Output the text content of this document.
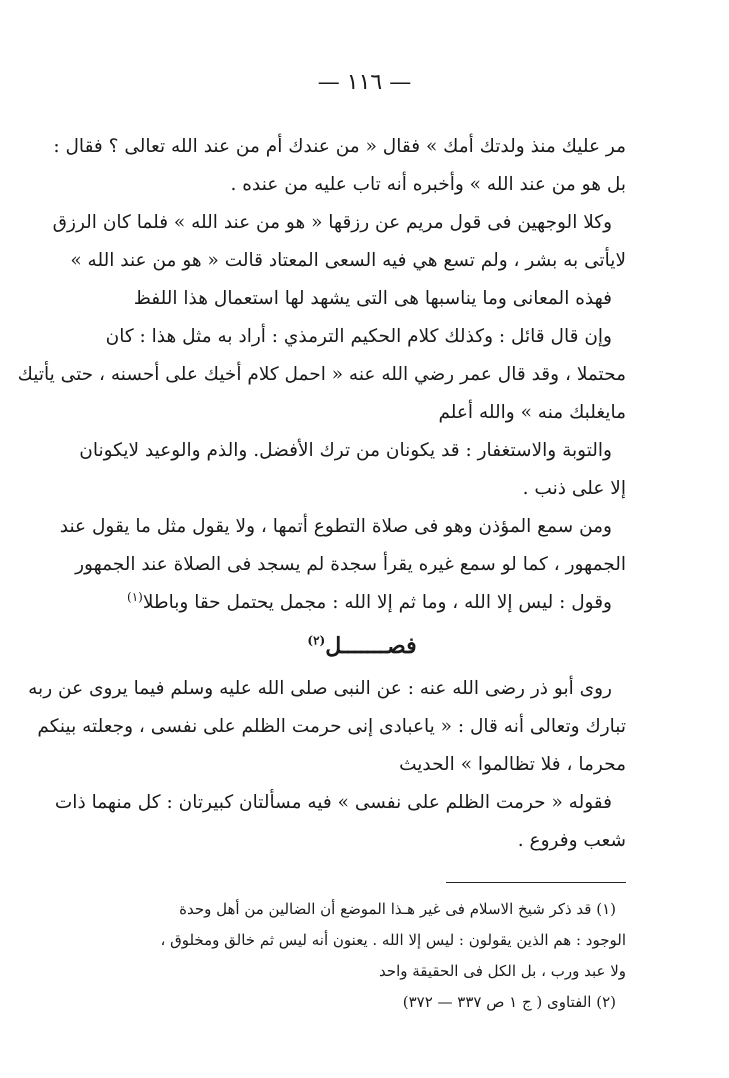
— ١١٦ —
مر عليك منذ ولدتك أمك » فقال « من عندك أم من عند الله تعالى ؟ فقال :
بل هو من عند الله » وأخبره أنه تاب عليه من عنده .
وكلا الوجهين فى قول مريم عن رزقها « هو من عند الله » فلما كان الرزق
لايأتى به بشر ، ولم تسع هي فيه السعى المعتاد قالت « هو من عند الله »
فهذه المعانى وما يناسبها هى التى يشهد لها استعمال هذا اللفظ
وإن قال قائل : وكذلك كلام الحكيم الترمذي : أراد به مثل هذا : كان
محتملا ، وقد قال عمر رضي الله عنه « احمل كلام أخيك على أحسنه ، حتى يأتيك
مايغلبك منه » والله أعلم
والتوبة والاستغفار : قد يكونان من ترك الأفضل. والذم والوعيد لايكونان
إلا على ذنب .
ومن سمع المؤذن وهو فى صلاة التطوع أتمها ، ولا يقول مثل ما يقول عند
الجمهور ، كما لو سمع غيره يقرأ سجدة لم يسجد فى الصلاة عند الجمهور
وقول : ليس إلا الله ، وما ثم إلا الله : مجمل يحتمل حقا وباطلا$^{(١)}$
فصـــــــل$^{(٢)}$
روى أبو ذر رضى الله عنه : عن النبى صلى الله عليه وسلم فيما يروى عن ربه
تبارك وتعالى أنه قال : « ياعبادى إنى حرمت الظلم على نفسى ، وجعلته بينكم
محرما ، فلا تظالموا » الحديث
فقوله « حرمت الظلم على نفسى » فيه مسألتان كبيرتان : كل منهما ذات
شعب وفروع .
(١) قد ذكر شيخ الاسلام فى غير هـذا الموضع أن الضالين من أهل وحدة
الوجود : هم الذين يقولون : ليس إلا الله . يعنون أنه ليس ثم خالق ومخلوق ،
ولا عبد ورب ، بل الكل فى الحقيقة واحد
(٢) الفتاوى ( ج ١ ص ٣٣٧ — ٣٧٢)
